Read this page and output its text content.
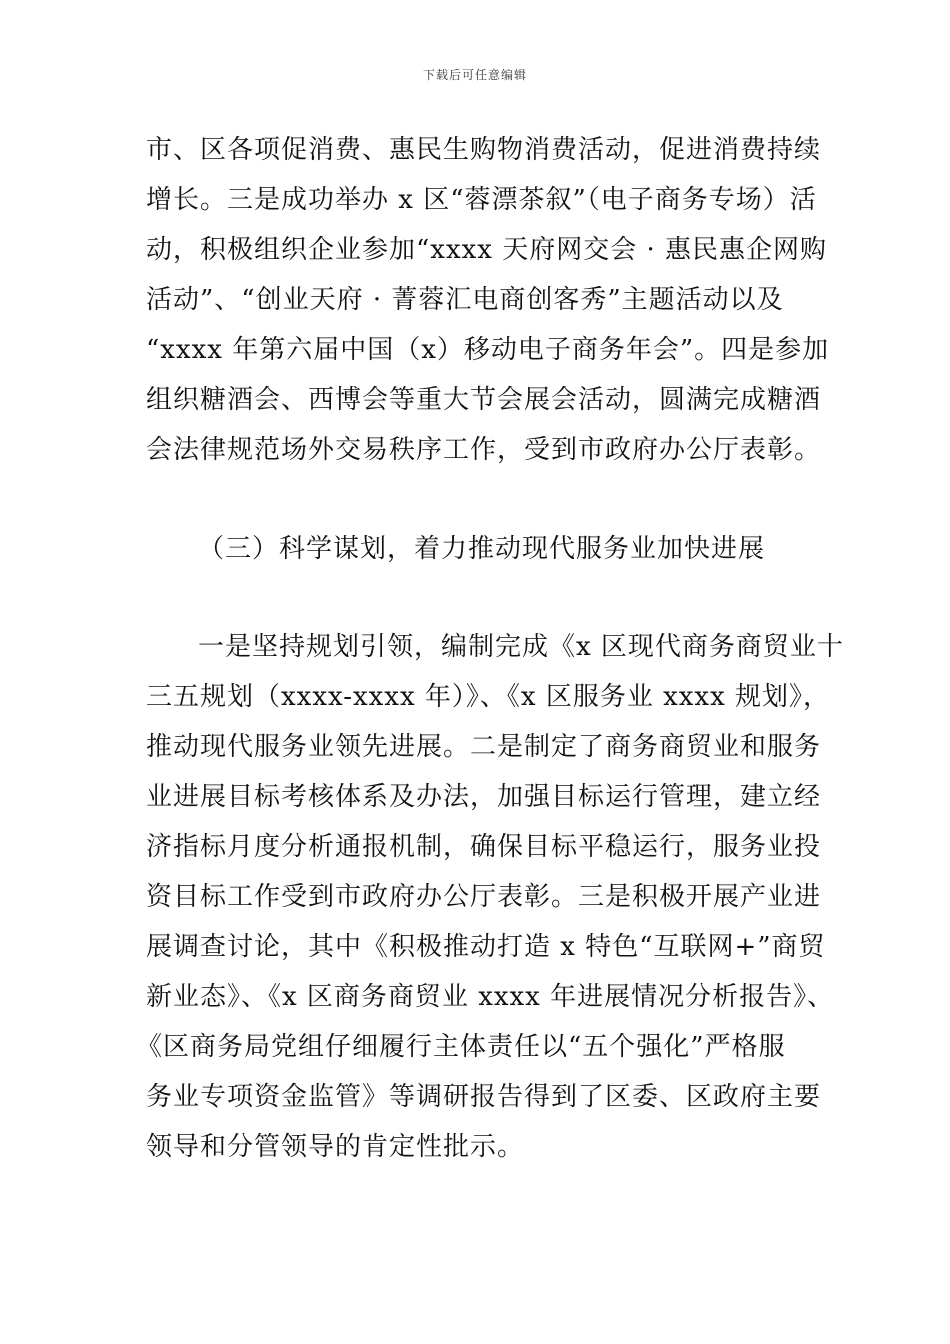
下载后可任意编辑
市、区各项促消费、惠民生购物消费活动，促进消费持续
增长。三是成功举办 x 区“蓉漂茶叙”（电子商务专场）活
动，积极组织企业参加“xxxx 天府网交会 · 惠民惠企网购
活动”、“创业天府 · 菁蓉汇电商创客秀”主题活动以及
“xxxx 年第六届中国（x）移动电子商务年会”。四是参加
组织糖酒会、西博会等重大节会展会活动，圆满完成糖酒
会法律规范场外交易秩序工作，受到市政府办公厅表彰。
（三）科学谋划，着力推动现代服务业加快进展
一是坚持规划引领，编制完成《x 区现代商务商贸业十
三五规划（xxxx-xxxx 年）》、《x 区服务业 xxxx 规划》，
推动现代服务业领先进展。二是制定了商务商贸业和服务
业进展目标考核体系及办法，加强目标运行管理，建立经
济指标月度分析通报机制，确保目标平稳运行，服务业投
资目标工作受到市政府办公厅表彰。三是积极开展产业进
展调查讨论，其中《积极推动打造 x 特色“互联网+”商贸
新业态》、《x 区商务商贸业 xxxx 年进展情况分析报告》、
《区商务局党组仔细履行主体责任以“五个强化”严格服
务业专项资金监管》等调研报告得到了区委、区政府主要
领导和分管领导的肯定性批示。
